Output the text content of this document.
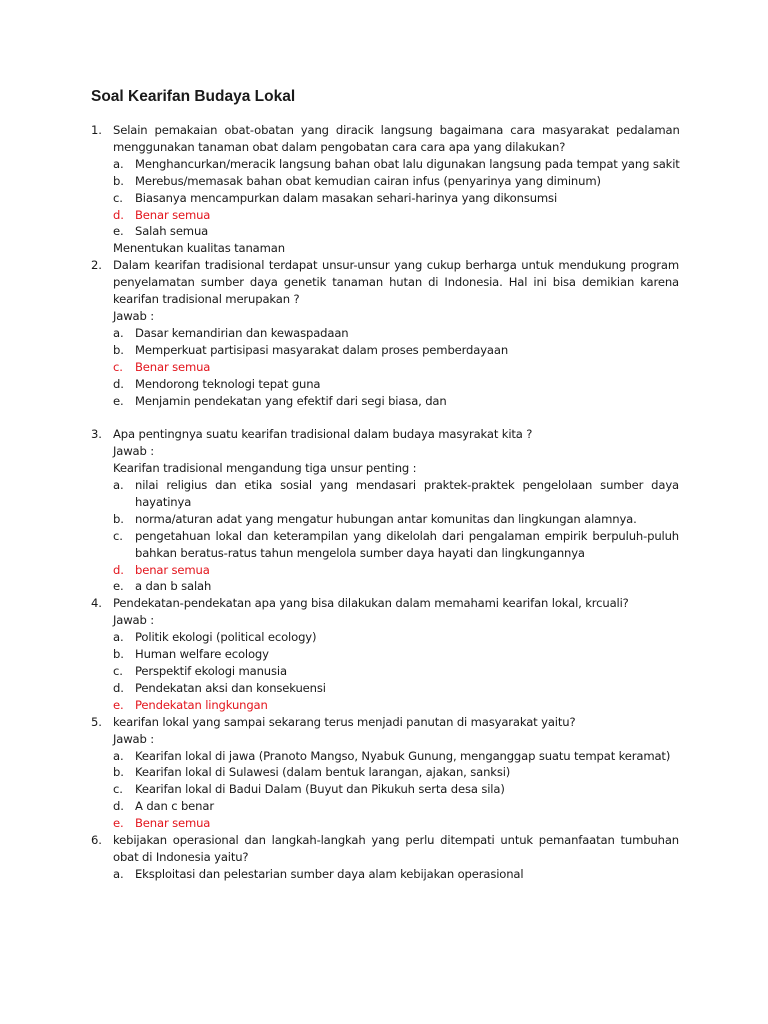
Soal Kearifan Budaya Lokal
1. Selain pemakaian obat-obatan yang diracik langsung bagaimana cara masyarakat pedalaman
menggunakan tanaman obat dalam pengobatan cara cara apa yang dilakukan?
a. Menghancurkan/meracik langsung bahan obat lalu digunakan langsung pada tempat yang sakit
b. Merebus/memasak bahan obat kemudian cairan infus (penyarinya yang diminum)
c.	Biasanya mencampurkan dalam masakan sehari-harinya yang dikonsumsi
d. Benar semua
e. Salah semua
Menentukan kualitas tanaman
2. Dalam kearifan tradisional terdapat unsur-unsur yang cukup berharga untuk mendukung program
penyelamatan sumber daya genetik tanaman hutan di Indonesia. Hal ini bisa demikian karena
kearifan tradisional merupakan ?
Jawab :
a. Dasar kemandirian dan kewaspadaan
b. Memperkuat partisipasi masyarakat dalam proses pemberdayaan
c.	Benar semua
d. Mendorong teknologi tepat guna
e. Menjamin pendekatan yang efektif dari segi biasa, dan
3. Apa pentingnya suatu kearifan tradisional dalam budaya masyrakat kita ?
Jawab :
Kearifan tradisional mengandung tiga unsur penting :
a. nilai religius dan etika sosial yang mendasari praktek-praktek pengelolaan sumber daya
hayatinya
b. norma/aturan adat yang mengatur hubungan antar komunitas dan lingkungan alamnya.
c.	pengetahuan lokal dan keterampilan yang dikelolah dari pengalaman empirik berpuluh-puluh
bahkan beratus-ratus tahun mengelola sumber daya hayati dan lingkungannya
d. benar semua
e. a dan b salah
4. Pendekatan-pendekatan apa yang bisa dilakukan dalam memahami kearifan lokal, krcuali?
Jawab :
a. Politik ekologi (political ecology)
b. Human welfare ecology
c.	Perspektif ekologi manusia
d. Pendekatan aksi dan konsekuensi
e. Pendekatan lingkungan
5. kearifan lokal yang sampai sekarang terus menjadi panutan di masyarakat yaitu?
Jawab :
a. Kearifan lokal di jawa (Pranoto Mangso, Nyabuk Gunung, menganggap suatu tempat keramat)
b. Kearifan lokal di Sulawesi (dalam bentuk larangan, ajakan, sanksi)
c.	Kearifan lokal di Badui Dalam (Buyut dan Pikukuh serta desa sila)
d. A dan c benar
e. Benar semua
6. kebijakan operasional dan langkah-langkah yang perlu ditempati untuk pemanfaatan tumbuhan
obat di Indonesia yaitu?
a. Eksploitasi dan pelestarian sumber daya alam kebijakan operasional
